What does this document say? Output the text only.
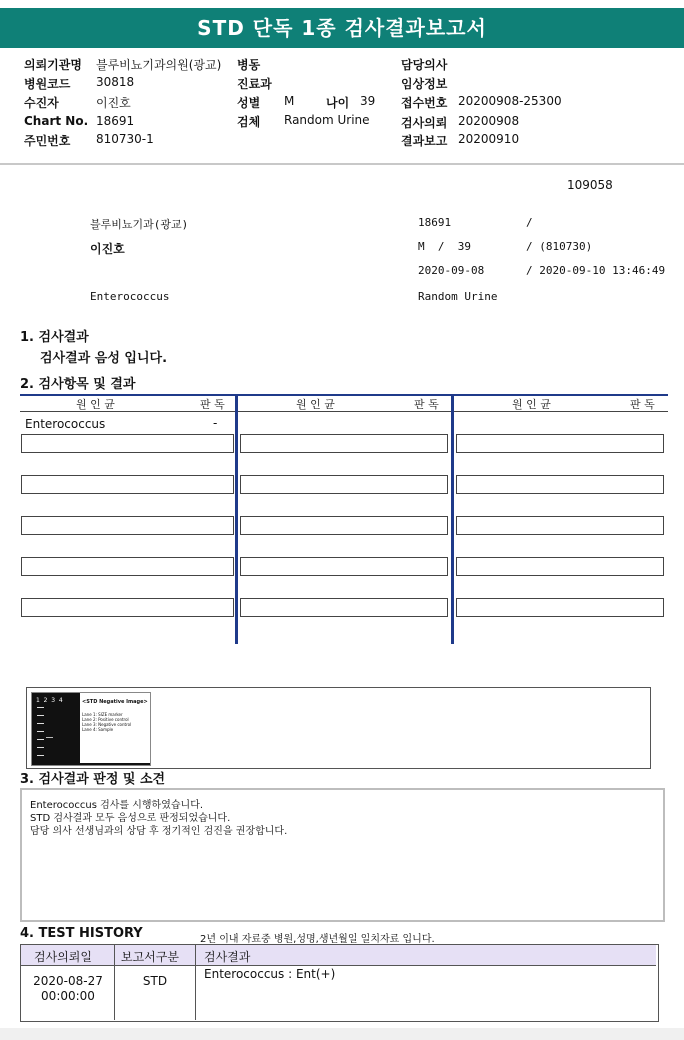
STD 단독 1종 검사결과보고서
의뢰기관명 블루비뇨기과의원(광교)
병원코드 30818
수진자	이진호
Chart No. 18691
주민번호 810730-1
병동
진료과
성별 M	나이 39
검체 Random Urine
담당의사
임상정보
접수번호 20200908-25300
검사의뢰 20200908
결과보고 20200910
109058
블루비뇨기과(광교)	18691	/
이진호	M  /  39	/ (810730)
2020-09-08	/ 2020-09-10 13:46:49
Enterococcus	Random Urine
1. 검사결과
검사결과 음성 입니다.
2. 검사항목 및 결과
원 인 균	판 독	원 인 균	판 독	원 인 균	판 독
Enterococcus	-
1  2  3  4	<STD Negative Image>
Lane 1: SIZE marker
Lane 2: Positive control
Lane 3: Negative control
Lane 4: Sample
3. 검사결과 판정 및 소견
Enterococcus 검사를 시행하였습니다.
STD 검사결과 모두 음성으로 판정되었습니다.
담당 의사 선생님과의 상담 후 정기적인 검진을 권장합니다.
4. TEST HISTORY	2년 이내 자료중 병원,성명,생년월일 일치자료 입니다.
검사의뢰일 보고서구분 검사결과
2020-08-27
00:00:00
STD	Enterococcus : Ent(+)
